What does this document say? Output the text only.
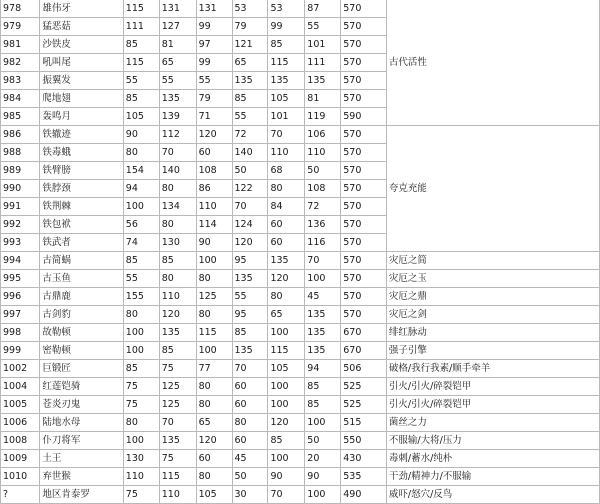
978	雄伟牙	115	131	131	53	53	87	570	古代活性
979	猛恶菇	111	127	99	79	99	55	570	
981	沙铁皮	85	81	97	121	85	101	570	
982	吼叫尾	115	65	99	65	115	111	570	
983	振翼发	55	55	55	135	135	135	570	
984	爬地翅	85	135	79	85	105	81	570	
985	轰鸣月	105	139	71	55	101	119	590	
986	铁辙迹	90	112	120	72	70	106	570	夸克充能
988	铁毒蛾	80	70	60	140	110	110	570	
989	铁臂膀	154	140	108	50	68	50	570	
990	铁脖颈	94	80	86	122	80	108	570	
991	铁荆棘	100	134	110	70	84	72	570	
992	铁包袱	56	80	114	124	60	136	570	
993	铁武者	74	130	90	120	60	116	570	
994	古简蜗	85	85	100	95	135	70	570	灾厄之简
995	古玉鱼	55	80	80	135	120	100	570	灾厄之玉
996	古鼎鹿	155	110	125	55	80	45	570	灾厄之鼎
997	古剑豹	80	120	80	95	65	135	570	灾厄之剑
998	故勒顿	100	135	115	85	100	135	670	绯红脉动
999	密勒顿	100	85	100	135	115	135	670	强子引擎
1002	巨锻匠	85	75	77	70	105	94	506	破格/我行我素/顺手牵羊
1004	红莲铠骑	75	125	80	60	100	85	525	引火/引火/碎裂铠甲
1005	苍炎刃鬼	75	125	80	60	100	85	525	引火/引火/碎裂铠甲
1006	陆地水母	80	70	65	80	120	100	515	菌丝之力
1008	仆刀将军	100	135	120	60	85	50	550	不服输/大将/压力
1009	土王	130	75	60	45	100	20	430	毒刺/蓄水/纯朴
1010	弃世猴	110	115	80	50	90	90	535	干劲/精神力/不服输
?	地区肯泰罗	75	110	105	30	70	100	490	威吓/怒穴/反鸟
